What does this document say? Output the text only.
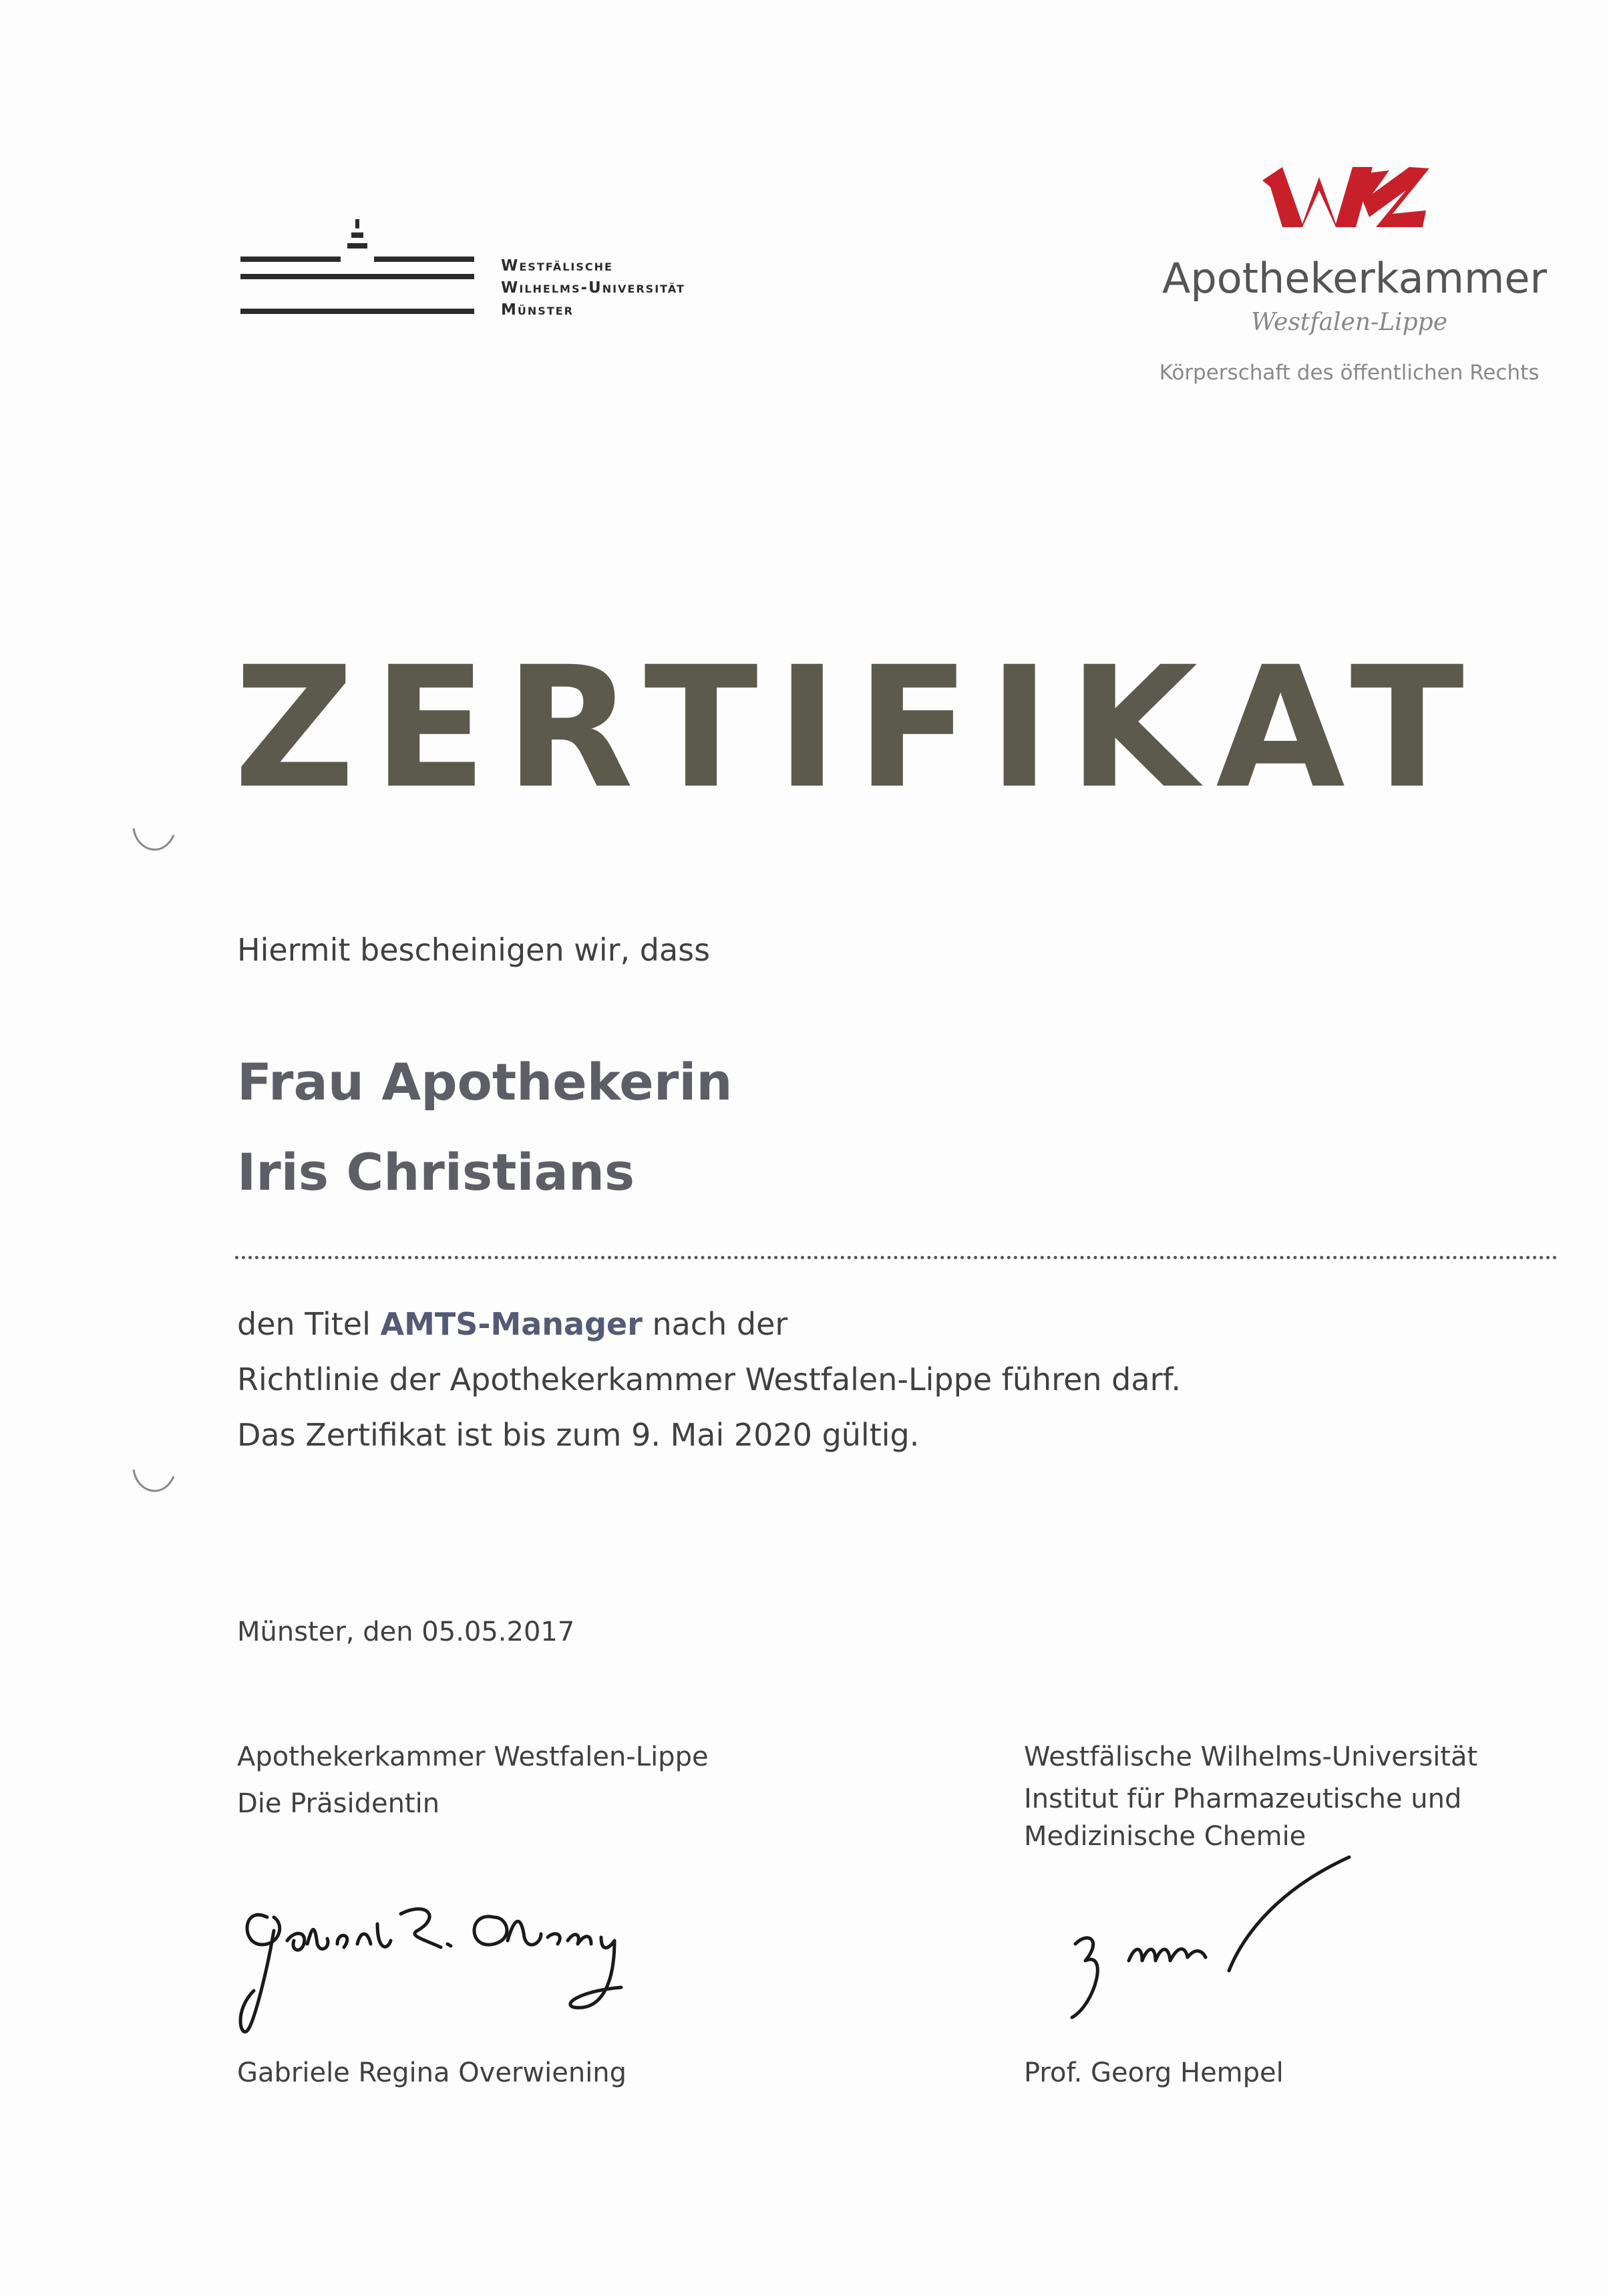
Westfälische
Wilhelms-Universität
Münster
Apothekerkammer
Westfalen-Lippe
Körperschaft des öffentlichen Rechts
ZERTIFIKAT
Hiermit bescheinigen wir, dass
Frau Apothekerin
Iris Christians
den Titel AMTS-Manager nach der
Richtlinie der Apothekerkammer Westfalen-Lippe führen darf.
Das Zertifikat ist bis zum 9. Mai 2020 gültig.
Münster, den 05.05.2017
Apothekerkammer Westfalen-Lippe
Die Präsidentin
Westfälische Wilhelms-Universität
Institut für Pharmazeutische und
Medizinische Chemie
Gabriele Regina Overwiening	Prof. Georg Hempel
